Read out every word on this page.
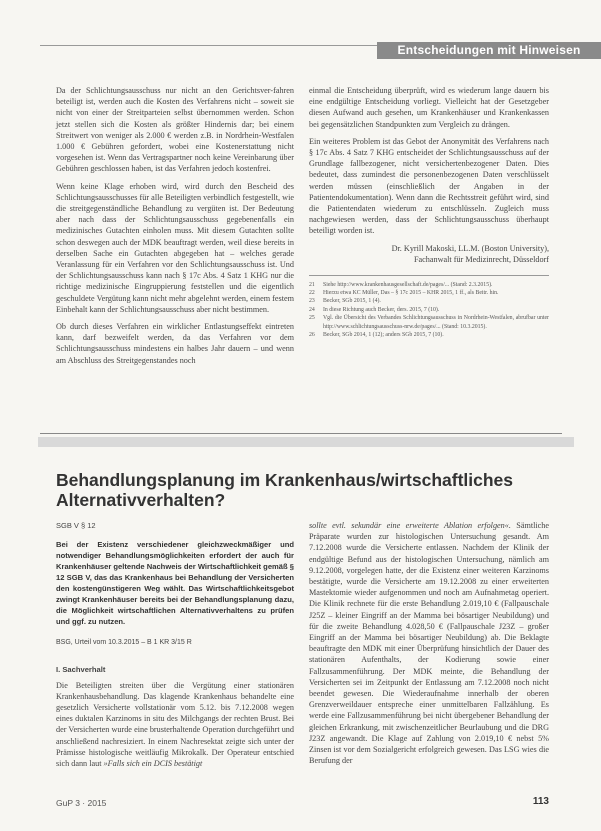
Entscheidungen mit Hinweisen

Da der Schlichtungsausschuss nur nicht an den Gerichtsver-fahren beteiligt ist, werden auch die Kosten des Verfahrens nicht – soweit sie nicht von einer der Streitparteien selbst übernommen werden. Schon jetzt stellen sich die Kosten als größter Hindernis dar; bei einem Streitwert von weniger als 2.000 € werden z.B. in Nordrhein-Westfalen 1.000 € Gebühren gefordert, wobei eine Kostenerstattung nicht vorgesehen ist. Wenn das Vertragspartner noch keine Vereinbarung über Gebühren geschlossen haben, ist das Verfahren jedoch kostenfrei.

Wenn keine Klage erhoben wird, wird durch den Bescheid des Schlichtungsausschusses für alle Beteiligten verbindlich festgestellt, wie die streitgegenständliche Behandlung zu vergüten ist. Der Bedeutung aber nach dass der Schlichtungsausschuss gegebenenfalls ein medizinisches Gutachten einholen muss. Mit diesem Gutachten sollte schon deswegen auch der MDK beauftragt werden, weil diese bereits in derselben Sache ein Gutachten abgegeben hat – welches gerade Veranlassung für ein Verfahren vor den Schlichtungsausschuss ist. Und der Schlichtungsausschuss kann nach § 17c Abs. 4 Satz 1 KHG nur die richtige medizinische Eingruppierung feststellen und die eigentlich geschuldete Vergütung kann nicht mehr abgelehnt werden, einem festem Einbehalt kann der Schlichtungsausschuss aber nicht bestimmen.

Ob durch dieses Verfahren ein wirklicher Entlastungseffekt eintreten kann, darf bezweifelt werden, da das Verfahren vor dem Schlichtungsausschuss mindestens ein halbes Jahr dauern – und wenn am Abschluss des Streitgegenstandes noch

einmal die Entscheidung überprüft, wird es wiederum lange dauern bis eine endgültige Entscheidung vorliegt. Vielleicht hat der Gesetzgeber diesen Aufwand auch gesehen, um Krankenhäuser und Krankenkassen bei gegensätzlichen Standpunkten zum Vergleich zu drängen.

Ein weiteres Problem ist das Gebot der Anonymität des Verfahrens nach § 17c Abs. 4 Satz 7 KHG entscheidet der Schlichtungsausschuss auf der Grundlage fallbezogener, nicht versichertenbezogener Daten. Dies bedeutet, dass zumindest die personenbezogenen Daten verschlüsselt werden müssen (einschließlich der Angaben in der Patientendokumentation). Wenn dann die Rechtsstreit geführt wird, sind die Patientendaten wiederum zu entschlüsseln. Zugleich muss nachgewiesen werden, dass der Schlichtungsausschuss überhaupt beteiligt worden ist.

Dr. Kyrill Makoski, LL.M. (Boston University),
Fachanwalt für Medizinrecht, Düsseldorf
21	Siehe http://www.krankenhausgesellschaft.de/pages/... (Stand: 2.3.2015).
22	Hierzu etwa KC Müller, Das – § 17c 2015 – KHR 2015, 1 ff., als Beitr. hin.
23	Becker, SGb 2015, 1 (4).
24	In diese Richtung auch Becker, ders. 2015, 7 (10).
25	Vgl. die Übersicht des Verbandes Schlichtungsausschuss in Nordrhein-Westfalen, abrufbar unter http://www.schlichtungsausschuss-nrw.de/pages/... (Stand: 10.3.2015).
26	Becker, SGb 2014, 1 (12); anders SGb 2015, 7 (10).
Behandlungsplanung im Krankenhaus/wirtschaftliches Alternativverhalten?
SGB V § 12
Bei der Existenz verschiedener gleichzweckmäßiger und notwendiger Behandlungsmöglichkeiten erfordert der auch für Krankenhäuser geltende Nachweis der Wirtschaftlichkeit gemäß § 12 SGB V, das das Krankenhaus bei Behandlung der Versicherten den kostengünstigeren Weg wählt. Das Wirtschaftlichkeitsgebot zwingt Krankenhäuser bereits bei der Behandlungsplanung dazu, die Möglichkeit wirtschaftlichen Alternativverhaltens zu prüfen und ggf. zu nutzen.
BSG, Urteil vom 10.3.2015 – B 1 KR 3/15 R
I. Sachverhalt

Die Beteiligten streiten über die Vergütung einer stationären Krankenhausbehandlung. Das klagende Krankenhaus behandelte eine gesetzlich Versicherte vollstationär vom 5.12. bis 7.12.2008 wegen eines duktalen Karzinoms in situ des Milchgangs der rechten Brust. Bei der Versicherten wurde eine brusterhaltende Operation durchgeführt und anschließend nachresiziert. In einem Nachresektat zeigte sich unter der Prämisse histologische weitläufig Mikrokalk. Der Operateur entschied sich dann laut »Falls sich ein DCIS bestätigt

sollte evtl. sekundär eine erweiterte Ablation erfolgen«. Sämtliche Präparate wurden zur histologischen Untersuchung gesandt. Am 7.12.2008 wurde die Versicherte entlassen. Nachdem der Klinik der endgültige Befund aus der histologischen Untersuchung, nämlich am 9.12.2008, vorgelegen hatte, der die Existenz einer weiteren Karzinoms bestätigte, wurde die Versicherte am 19.12.2008 zu einer erweiterten Mastektomie wieder aufgenommen und noch am Aufnahmetag operiert. Die Klinik rechnete für die erste Behandlung 2.019,10 € (Fallpauschale J25Z – kleiner Eingriff an der Mamma bei bösartiger Neubildung) und für die zweite Behandlung 4.028,50 € (Fallpauschale J23Z – großer Eingriff an der Mamma bei bösartiger Neubildung) ab. Die Beklagte beauftragte den MDK mit einer Überprüfung hinsichtlich der Dauer des stationären Aufenthalts, der Kodierung sowie einer Fallzusammenführung. Der MDK meinte, die Behandlung der Versicherten sei im Zeitpunkt der Entlassung am 7.12.2008 noch nicht beendet gewesen. Die Wiederaufnahme innerhalb der oberen Grenzverweildauer entspreche einer unmittelbaren Fallzählung. Es werde eine Fallzusammenführung bei nicht übergebener Behandlung der gleichen Erkrankung, mit zwischenzeitlicher Beurlaubung und die DRG J23Z angewandt. Die Klage auf Zahlung von 2.019,10 € nebst 5% Zinsen ist vor dem Sozialgericht erfolgreich gewesen. Das LSG wies die Berufung der

GuP 3 · 2015	113
